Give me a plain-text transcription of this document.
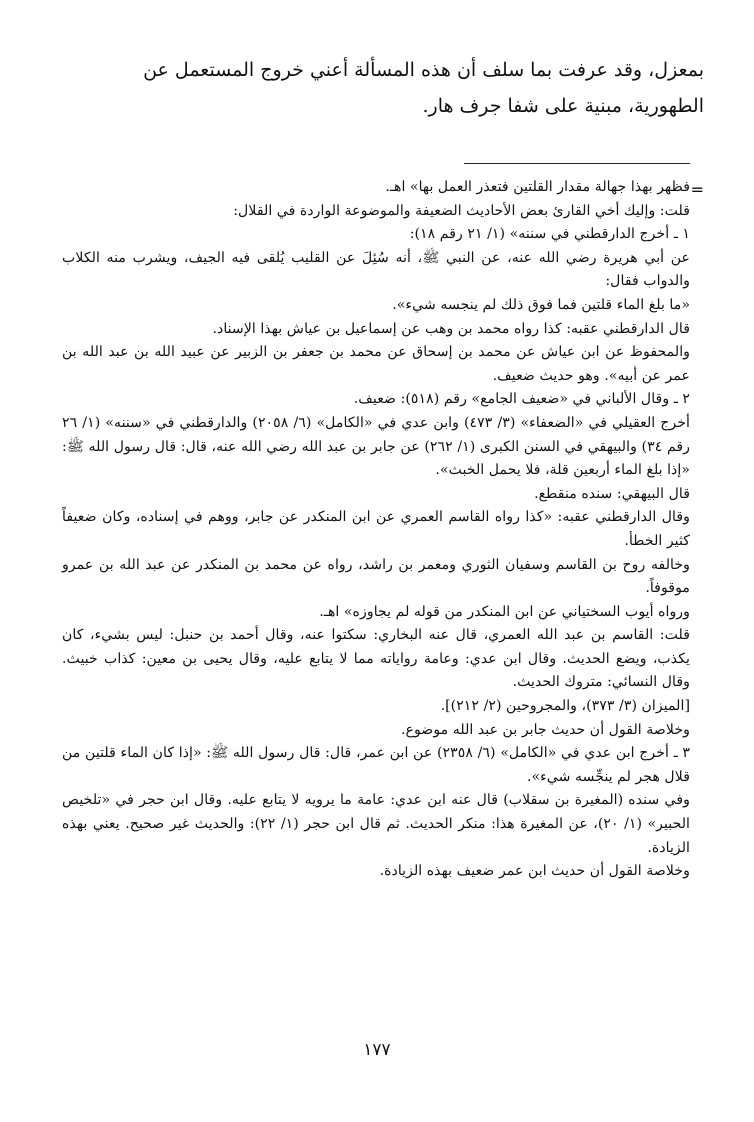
بمعزل، وقد عرفت بما سلف أن هذه المسألة أعني خروج المستعمل عن

الطهورية، مبنية على شفا جرف هار.

=

فظهر بهذا جهالة مقدار القلتين فتعذر العمل بها» اهـ.

قلت: وإليك أخي القارئ بعض الأحاديث الضعيفة والموضوعة الواردة في القلال:

١ ـ أخرج الدارقطني في سننه» (١/ ٢١ رقم ١٨):

عن أبي هريرة رضي الله عنه، عن النبي ﷺ، أنه سُئِلَ عن القليب يُلقى فيه الجيف، ويشرب منه الكلاب والدواب فقال:

«ما بلغ الماء قلتين فما فوق ذلك لم ينجسه شيء».

قال الدارقطني عقبه: كذا رواه محمد بن وهب عن إسماعيل بن عياش بهذا الإسناد.

والمحفوظ عن ابن عياش عن محمد بن إسحاق عن محمد بن جعفر بن الزبير عن عبيد الله بن عبد الله بن عمر عن أبيه». وهو حديث ضعيف.

٢ ـ وقال الألباني في «ضعيف الجامع» رقم (٥١٨): ضعيف.

أخرج العقيلي في «الضعفاء» (٣/ ٤٧٣) وابن عدي في «الكامل» (٦/ ٢٠٥٨) والدارقطني في «سننه» (١/ ٢٦ رقم ٣٤) والبيهقي في السنن الكبرى (١/ ٢٦٢) عن جابر بن عبد الله رضي الله عنه، قال: قال رسول الله ﷺ: «إذا بلغ الماء أربعين قلة، فلا يحمل الخبث».

قال البيهقي: سنده منقطع.

وقال الدارقطني عقبه: «كذا رواه القاسم العمري عن ابن المنكدر عن جابر، ووهم في إسناده، وكان ضعيفاً كثير الخطأ.

وخالفه روح بن القاسم وسفيان الثوري ومعمر بن راشد، رواه عن محمد بن المنكدر عن عبد الله بن عمرو موقوفاً.

ورواه أيوب السختياني عن ابن المنكدر من قوله لم يجاوزه» اهـ.

قلت: القاسم بن عبد الله العمري، قال عنه البخاري: سكتوا عنه، وقال أحمد بن حنبل: ليس بشيء، كان يكذب، ويضع الحديث. وقال ابن عدي: وعامة رواياته مما لا يتابع عليه، وقال يحيى بن معين: كذاب خبيث. وقال النسائي: متروك الحديث.

[الميزان (٣/ ٣٧٣)، والمجروحين (٢/ ٢١٢)].

وخلاصة القول أن حديث جابر بن عبد الله موضوع.

٣ ـ أخرج ابن عدي في «الكامل» (٦/ ٢٣٥٨) عن ابن عمر، قال: قال رسول الله ﷺ: «إذا كان الماء قلتين من قلال هجر لم ينجِّسه شيء».

وفي سنده (المغيرة بن سقلاب) قال عنه ابن عدي: عامة ما يرويه لا يتابع عليه. وقال ابن حجر في «تلخيص الحبير» (١/ ٢٠)، عن المغيرة هذا: منكر الحديث. ثم قال ابن حجر (١/ ٢٢): والحديث غير صحيح. يعني بهذه الزيادة.

وخلاصة القول أن حديث ابن عمر ضعيف بهذه الزيادة.

١٧٧
